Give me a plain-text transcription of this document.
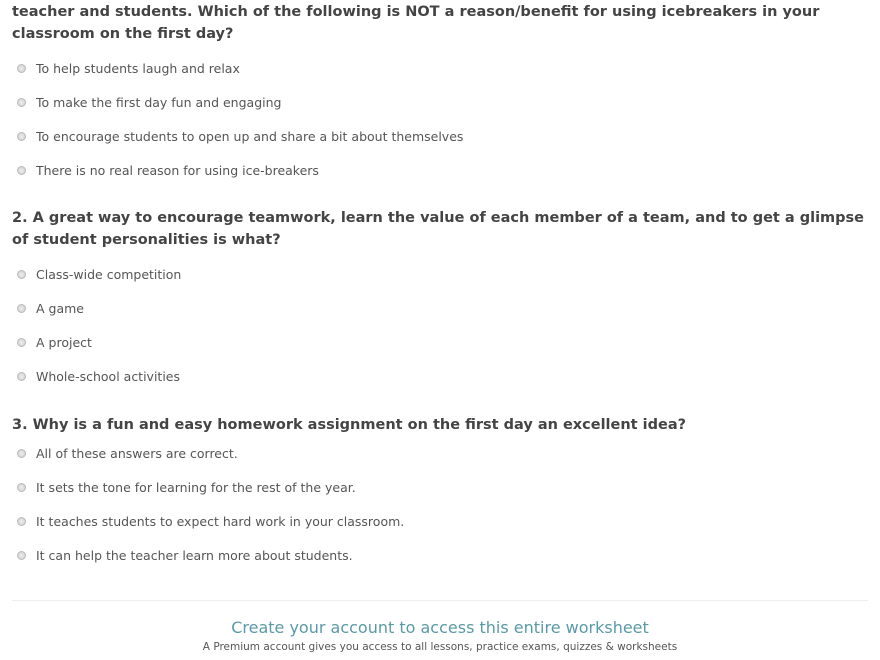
teacher and students. Which of the following is NOT a reason/benefit for using icebreakers in your classroom on the first day?

To help students laugh and relax
To make the first day fun and engaging
To encourage students to open up and share a bit about themselves
There is no real reason for using ice-breakers

2. A great way to encourage teamwork, learn the value of each member of a team, and to get a glimpse of student personalities is what?

Class-wide competition
A game
A project
Whole-school activities

3. Why is a fun and easy homework assignment on the first day an excellent idea?

All of these answers are correct.
It sets the tone for learning for the rest of the year.
It teaches students to expect hard work in your classroom.
It can help the teacher learn more about students.
Create your account to access this entire worksheet
A Premium account gives you access to all lessons, practice exams, quizzes & worksheets
